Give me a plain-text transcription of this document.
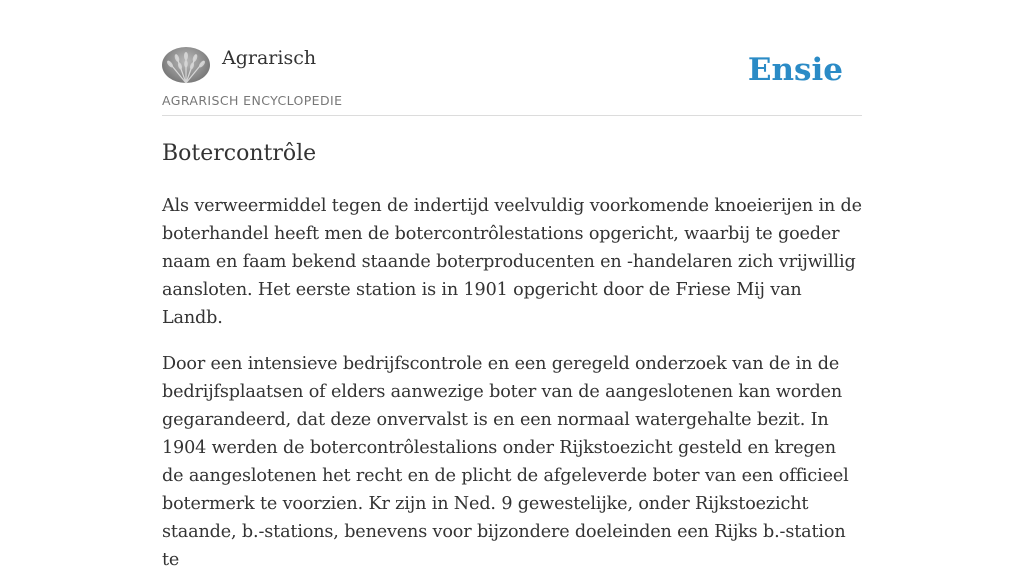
Agrarisch
AGRARISCH ENCYCLOPEDIE
Ensie
Botercontrôle

Als verweermiddel tegen de indertijd veelvuldig voorkomende knoeierijen in de boterhandel heeft men de botercontrôlestations opgericht, waarbij te goeder naam en faam bekend staande boterproducenten en -handelaren zich vrijwillig aansloten. Het eerste station is in 1901 opgericht door de Friese Mij van Landb.

Door een intensieve bedrijfscontrole en een geregeld onderzoek van de in de bedrijfsplaatsen of elders aanwezige boter van de aangeslotenen kan worden gegarandeerd, dat deze onvervalst is en een normaal watergehalte bezit. In 1904 werden de botercontrôlestalions onder Rijkstoezicht gesteld en kregen de aangeslotenen het recht en de plicht de afgeleverde boter van een officieel botermerk te voorzien. Kr zijn in Ned. 9 gewestelijke, onder Rijkstoezicht staande, b.-stations, benevens voor bijzondere doeleinden een Rijks b.-station te
